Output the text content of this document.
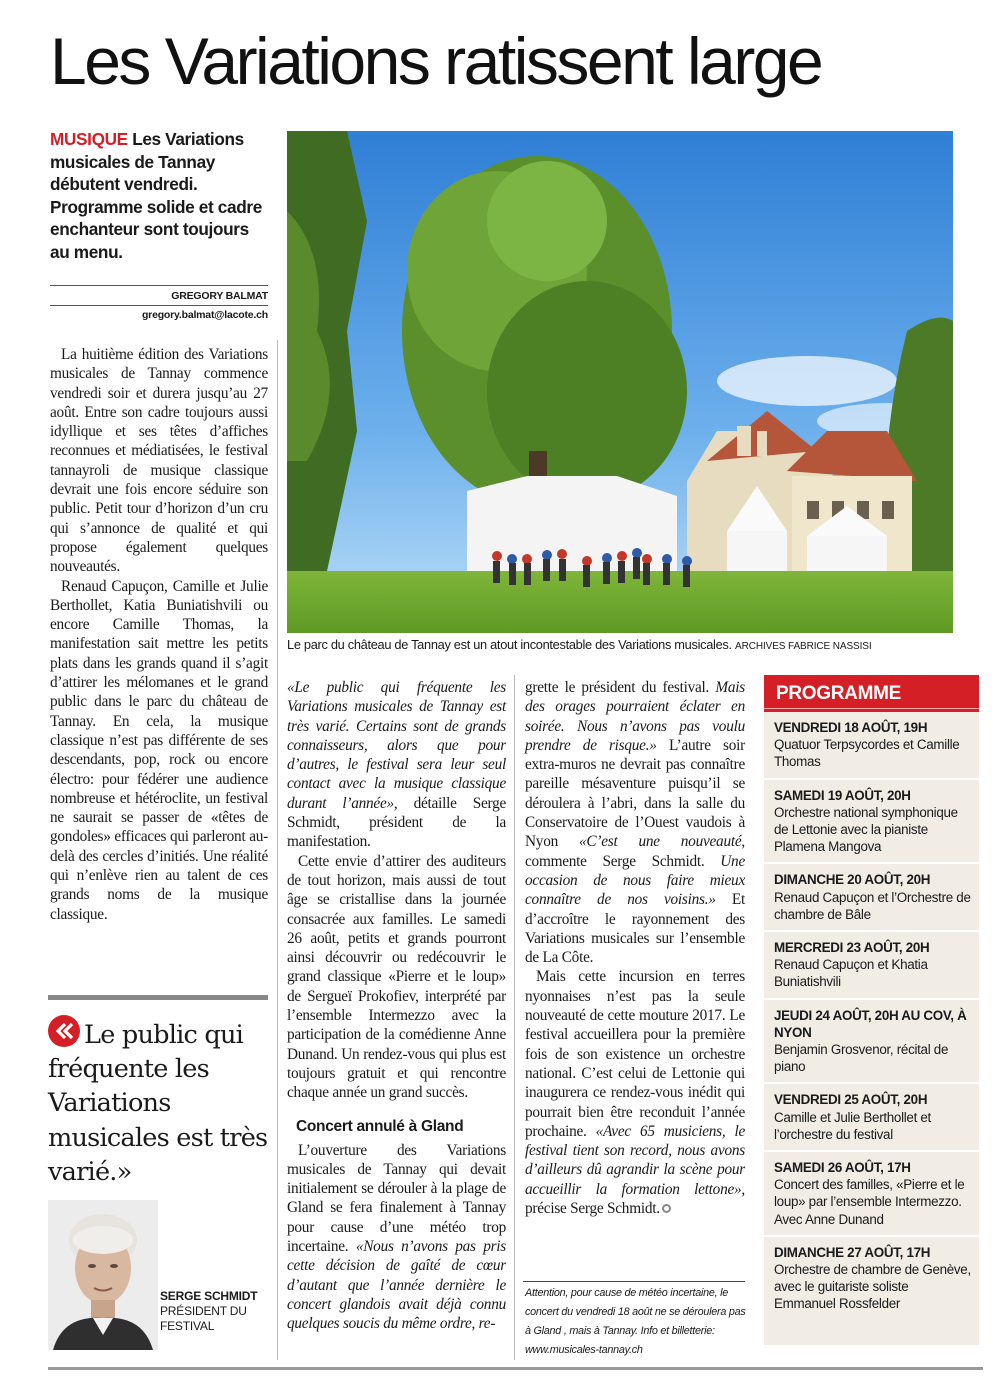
Les Variations ratissent large
MUSIQUE Les Variations musicales de Tannay débutent vendredi. Programme solide et cadre enchanteur sont toujours au menu.
GREGORY BALMAT
gregory.balmat@lacote.ch

La huitième édition des Variations musicales de Tannay commence vendredi soir et durera jusqu’au 27 août. Entre son cadre toujours aussi idyllique et ses têtes d’affiches reconnues et médiatisées, le festival tannayroli de musique classique devrait une fois encore séduire son public. Petit tour d’horizon d’un cru qui s’annonce de qualité et qui propose également quelques nouveautés.

Renaud Capuçon, Camille et Julie Berthollet, Katia Buniatishvili ou encore Camille Thomas, la manifestation sait mettre les petits plats dans les grands quand il s’agit d’attirer les mélomanes et le grand public dans le parc du château de Tannay. En cela, la musique classique n’est pas différente de ses descendants, pop, rock ou encore électro: pour fédérer une audience nombreuse et hétéroclite, un festival ne saurait se passer de «têtes de gondoles» efficaces qui parleront au-delà des cercles d’initiés. Une réalité qui n’enlève rien au talent de ces grands noms de la musique classique.

Le parc du château de Tannay est un atout incontestable des Variations musicales. ARCHIVES FABRICE NASSISI
Le public qui fréquente les Variations musicales est très varié.»
SERGE SCHMIDT
PRÉSIDENT DU FESTIVAL

«Le public qui fréquente les Variations musicales de Tannay est très varié. Certains sont de grands connaisseurs, alors que pour d’autres, le festival sera leur seul contact avec la musique classique durant l’année», détaille Serge Schmidt, président de la manifestation.

Cette envie d’attirer des auditeurs de tout horizon, mais aussi de tout âge se cristallise dans la journée consacrée aux familles. Le samedi 26 août, petits et grands pourront ainsi découvrir ou redécouvrir le grand classique «Pierre et le loup» de Sergueï Prokofiev, interprété par l’ensemble Intermezzo avec la participation de la comédienne Anne Dunand. Un rendez-vous qui plus est toujours gratuit et qui rencontre chaque année un grand succès.

Concert annulé à Gland

L’ouverture des Variations musicales de Tannay qui devait initialement se dérouler à la plage de Gland se fera finalement à Tannay pour cause d’une météo trop incertaine. «Nous n’avons pas pris cette décision de gaîté de cœur d’autant que l’année dernière le concert glandois avait déjà connu quelques soucis du même ordre, re-

grette le président du festival. Mais des orages pourraient éclater en soirée. Nous n’avons pas voulu prendre de risque.» L’autre soir extra-muros ne devrait pas connaître pareille mésaventure puisqu’il se déroulera à l’abri, dans la salle du Conservatoire de l’Ouest vaudois à Nyon «C’est une nouveauté, commente Serge Schmidt. Une occasion de nous faire mieux connaître de nos voisins.» Et d’accroître le rayonnement des Variations musicales sur l’ensemble de La Côte.

Mais cette incursion en terres nyonnaises n’est pas la seule nouveauté de cette mouture 2017. Le festival accueillera pour la première fois de son existence un orchestre national. C’est celui de Lettonie qui inaugurera ce rendez-vous inédit qui pourrait bien être reconduit l’année prochaine. «Avec 65 musiciens, le festival tient son record, nous avons d’ailleurs dû agrandir la scène pour accueillir la formation lettone», précise Serge Schmidt.

Attention, pour cause de météo incertaine, le concert du vendredi 18 août ne se déroulera pas à Gland , mais à Tannay. Info et billetterie: www.musicales-tannay.ch
PROGRAMME
VENDREDI 18 AOÛT, 19H
Quatuor Terpsycordes et Camille Thomas
SAMEDI 19 AOÛT, 20H
Orchestre national symphonique de Lettonie avec la pianiste Plamena Mangova
DIMANCHE 20 AOÛT, 20H
Renaud Capuçon et l’Orchestre de chambre de Bâle
MERCREDI 23 AOÛT, 20H
Renaud Capuçon et Khatia Buniatishvili
JEUDI 24 AOÛT, 20H AU COV, À NYON
Benjamin Grosvenor, récital de piano
VENDREDI 25 AOÛT, 20H
Camille et Julie Berthollet et l’orchestre du festival
SAMEDI 26 AOÛT, 17H
Concert des familles, «Pierre et le loup» par l’ensemble Intermezzo. Avec Anne Dunand
DIMANCHE 27 AOÛT, 17H
Orchestre de chambre de Genève, avec le guitariste soliste Emmanuel Rossfelder
